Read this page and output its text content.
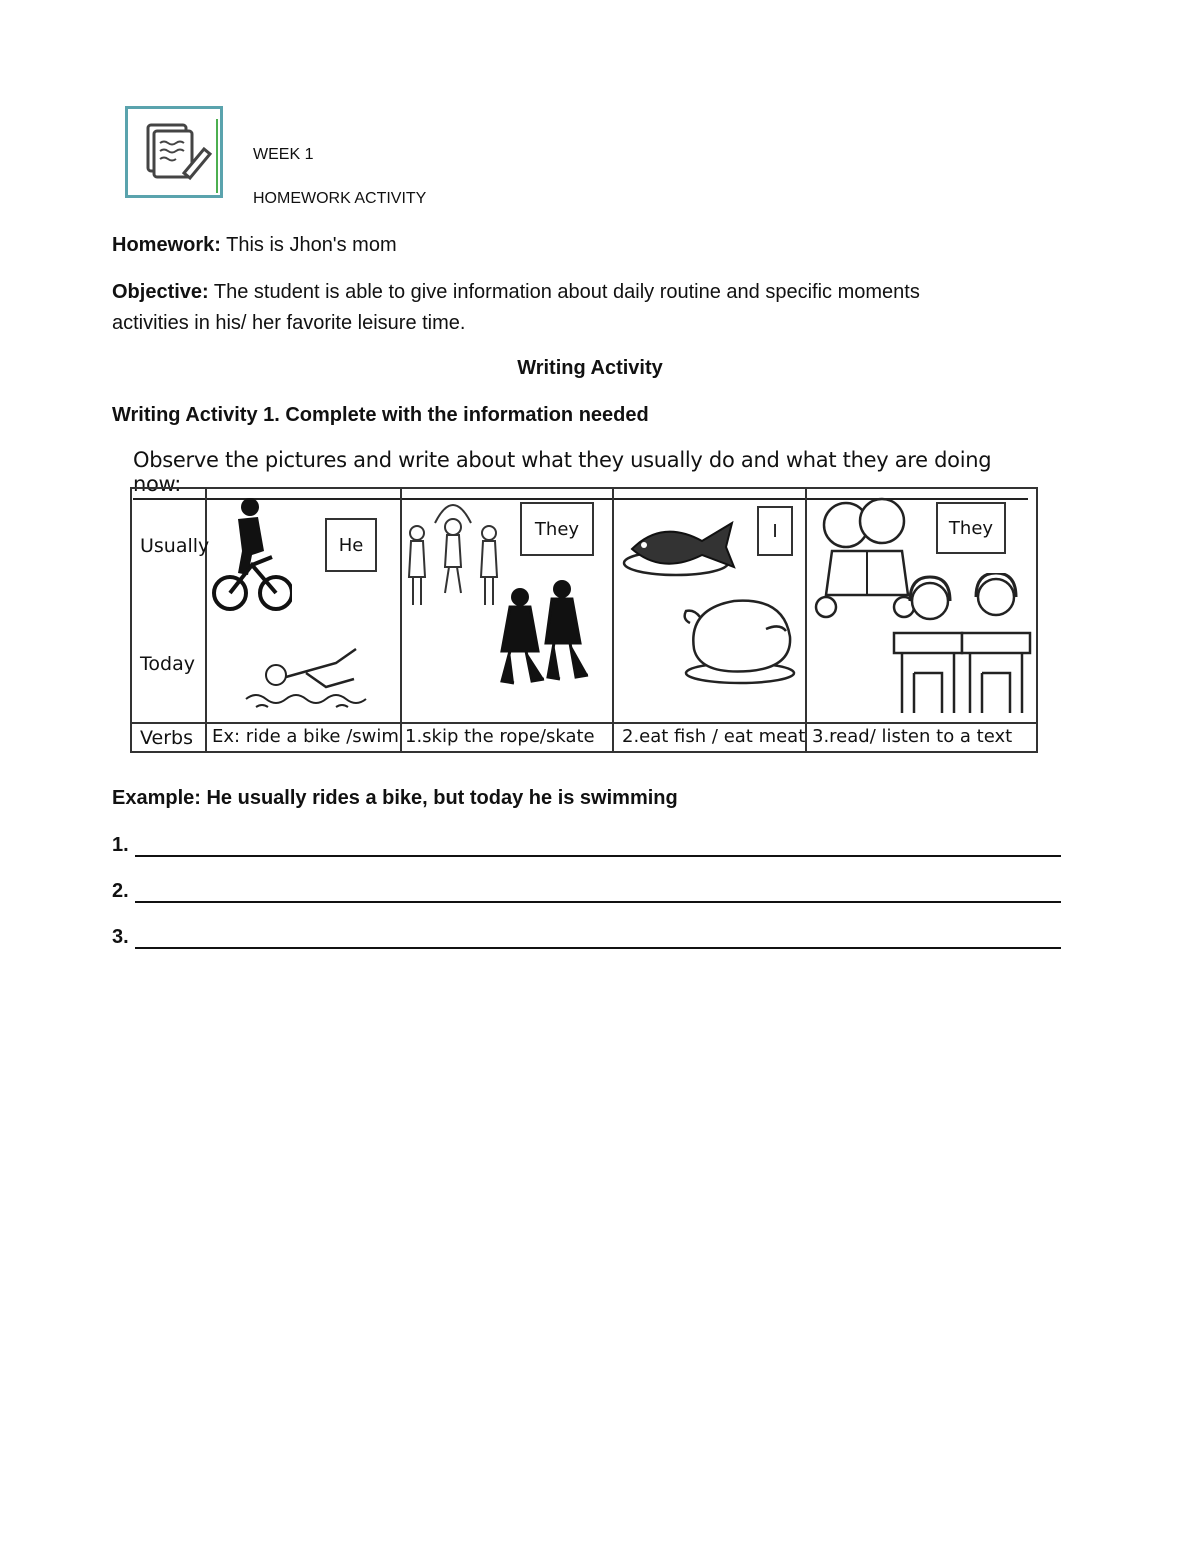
WEEK 1
HOMEWORK ACTIVITY
Homework: This is Jhon's mom
Objective: The student is able to give information about daily routine and specific moments
activities in his/ her favorite leisure time.
Writing Activity
Writing Activity 1. Complete with the information needed
Observe the pictures and write about what they usually do and what they are doing now:
Usually
Today
Verbs
He
Ex: ride a bike /swim
They
1.skip the rope/skate
I
2.eat fish / eat meat
They
3.read/ listen to a text
Example: He usually rides a bike, but today he is swimming
1.
2.
3.
